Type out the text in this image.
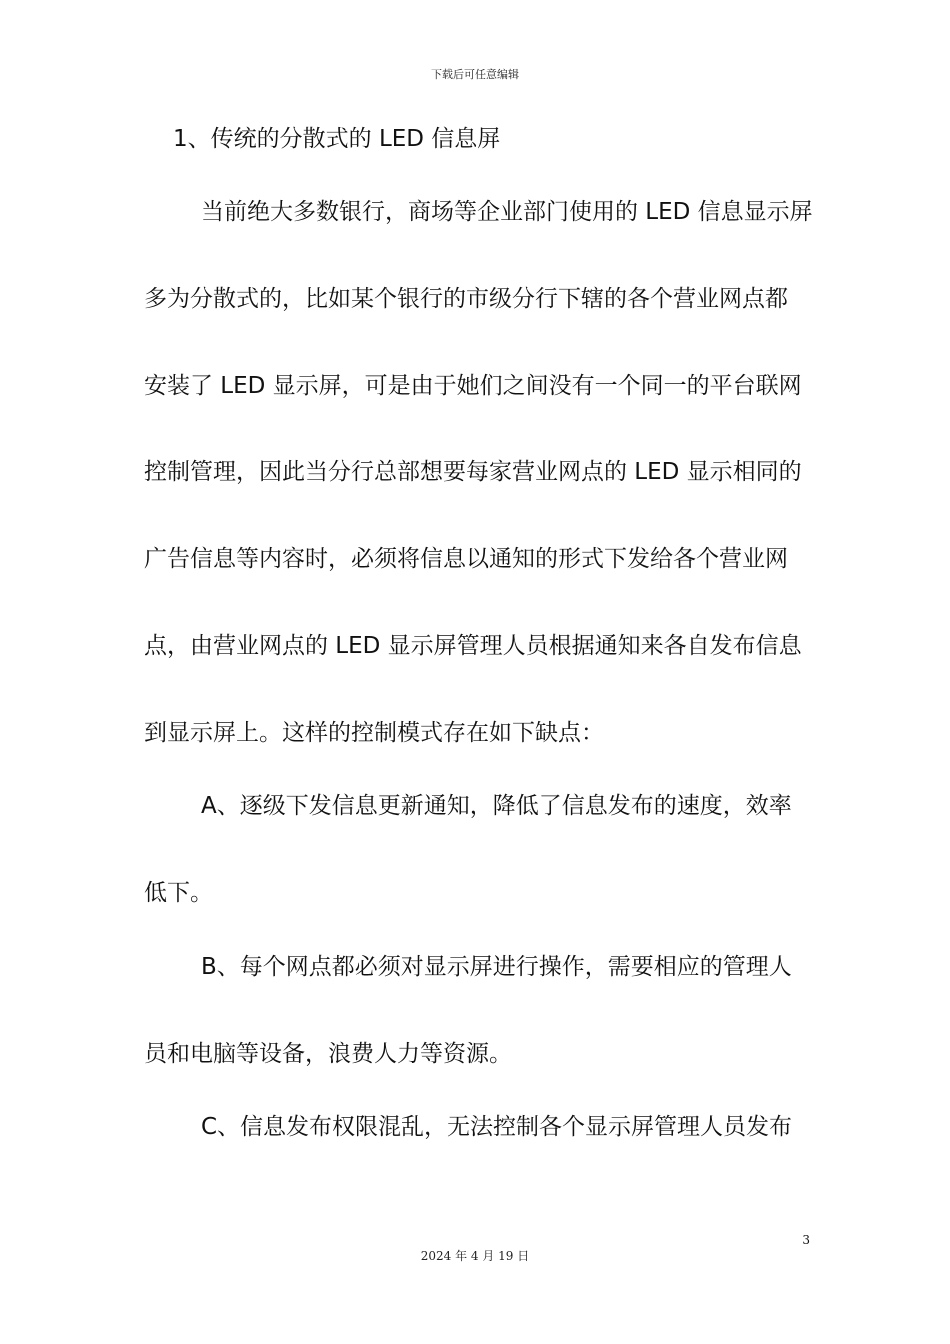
下载后可任意编辑
1、传统的分散式的 LED 信息屏
当前绝大多数银行，商场等企业部门使用的 LED 信息显示屏
多为分散式的，比如某个银行的市级分行下辖的各个营业网点都
安装了 LED 显示屏，可是由于她们之间没有一个同一的平台联网
控制管理，因此当分行总部想要每家营业网点的 LED 显示相同的
广告信息等内容时，必须将信息以通知的形式下发给各个营业网
点，由营业网点的 LED 显示屏管理人员根据通知来各自发布信息
到显示屏上。这样的控制模式存在如下缺点：
A、逐级下发信息更新通知，降低了信息发布的速度，效率
低下。
B、每个网点都必须对显示屏进行操作，需要相应的管理人
员和电脑等设备，浪费人力等资源。
C、信息发布权限混乱，无法控制各个显示屏管理人员发布
3
2024 年 4 月 19 日
